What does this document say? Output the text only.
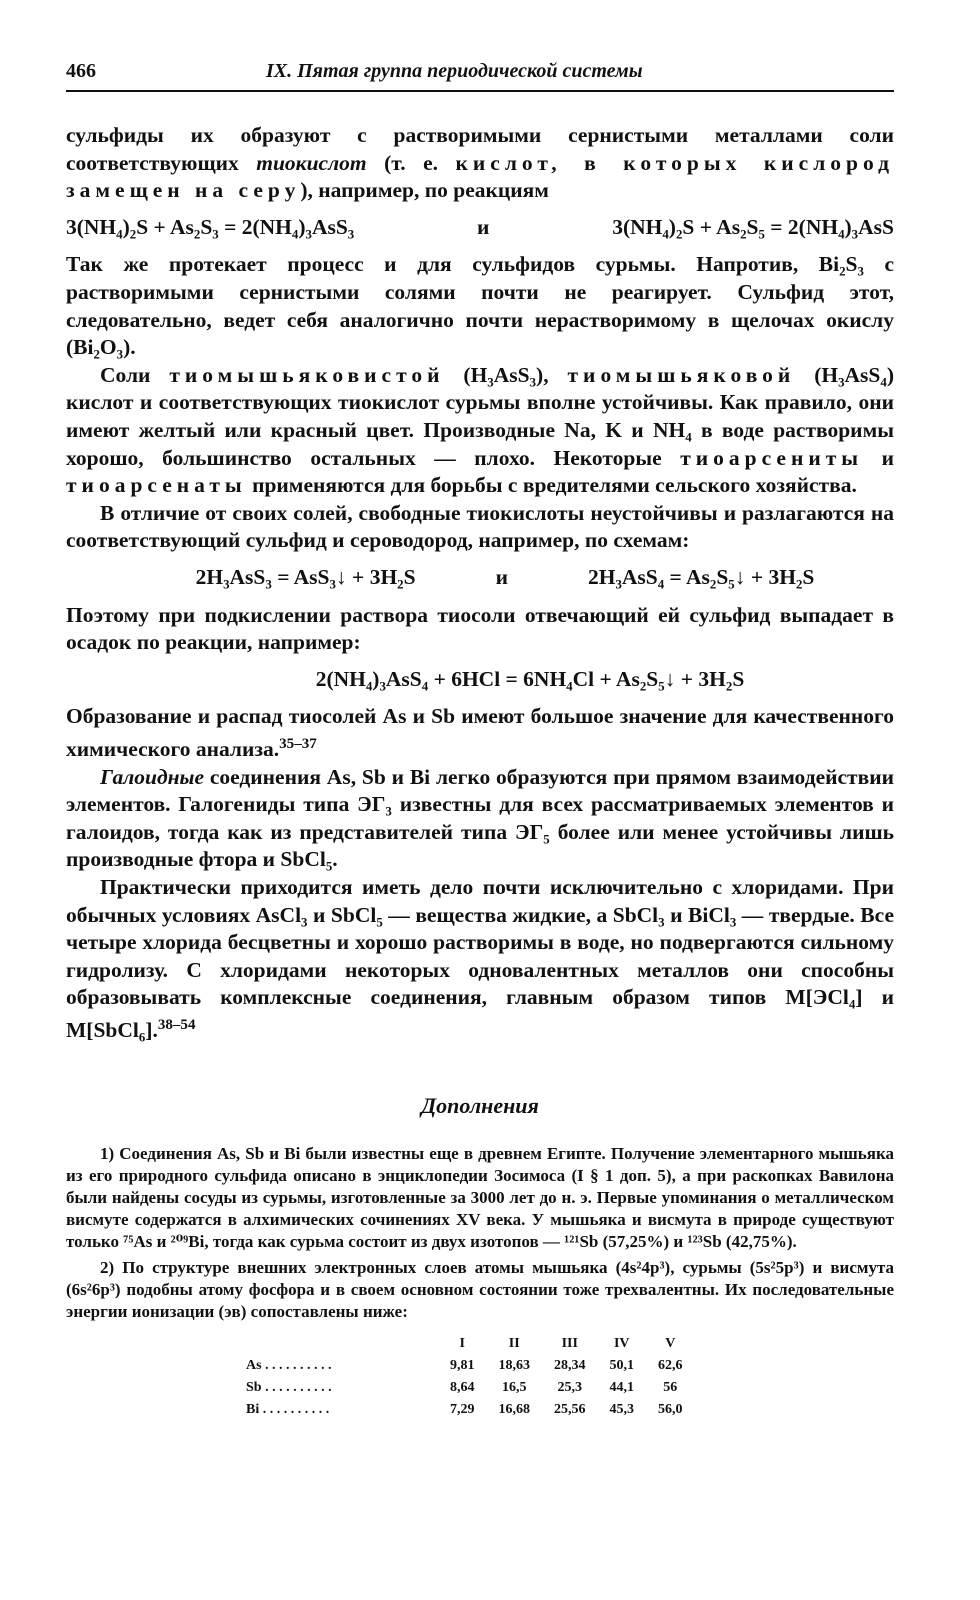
466	IX. Пятая группа периодической системы

сульфиды их образуют с растворимыми сернистыми металлами соли соответствующих тиокислот (т. е. кислот, в которых кислород замещен на серу), например, по реакциям

3(NH₄)₂S + As₂S₃ = 2(NH₄)₃AsS₃	и	3(NH₄)₂S + As₂S₅ = 2(NH₄)₃AsS

Так же протекает процесс и для сульфидов сурьмы. Напротив, Bi₂S₃ с растворимыми сернистыми солями почти не реагирует. Сульфид этот, следовательно, ведет себя аналогично почти нерастворимому в щелочах окислу (Bi₂O₃).

Соли тиомышьяковистой (H₃AsS₃), тиомышьяковой (H₃AsS₄) кислот и соответствующих тиокислот сурьмы вполне устойчивы. Как правило, они имеют желтый или красный цвет. Производные Na, K и NH₄ в воде растворимы хорошо, большинство остальных — плохо. Некоторые тиоарсениты и тиоарсенаты применяются для борьбы с вредителями сельского хозяйства.

В отличие от своих солей, свободные тиокислоты неустойчивы и разлагаются на соответствующий сульфид и сероводород, например, по схемам:

2H₃AsS₃ = AsS₃↓ + 3H₂S	и	2H₃AsS₄ = As₂S₅↓ + 3H₂S

Поэтому при подкислении раствора тиосоли отвечающий ей сульфид выпадает в осадок по реакции, например:

2(NH₄)₃AsS₄ + 6HCl = 6NH₄Cl + As₂S₅↓ + 3H₂S

Образование и распад тиосолей As и Sb имеют большое значение для качественного химического анализа.$^{35-37}$

Галоидные соединения As, Sb и Bi легко образуются при прямом взаимодействии элементов. Галогениды типа ЭГ₃ известны для всех рассматриваемых элементов и галоидов, тогда как из представителей типа ЭГ₅ более или менее устойчивы лишь производные фтора и SbCl₅.

Практически приходится иметь дело почти исключительно с хлоридами. При обычных условиях AsCl₃ и SbCl₅ — вещества жидкие, а SbCl₃ и BiCl₃ — твердые. Все четыре хлорида бесцветны и хорошо растворимы в воде, но подвергаются сильному гидролизу. С хлоридами некоторых одновалентных металлов они способны образовывать комплексные соединения, главным образом типов M[ЭCl₄] и M[SbCl₆].$^{38-54}$

Дополнения

1) Соединения As, Sb и Bi были известны еще в древнем Египте. Получение элементарного мышьяка из его природного сульфида описано в энциклопедии Зосимоса (I § 1 доп. 5), а при раскопках Вавилона были найдены сосуды из сурьмы, изготовленные за 3000 лет до н. э. Первые упоминания о металлическом висмуте содержатся в алхимических сочинениях XV века. У мышьяка и висмута в природе существуют только ⁷⁵As и ²⁰⁹Bi, тогда как сурьма состоит из двух изотопов — ¹²¹Sb (57,25%) и ¹²³Sb (42,75%).

2) По структуре внешних электронных слоев атомы мышьяка (4s²4p³), сурьмы (5s²5p³) и висмута (6s²6p³) подобны атому фосфора и в своем основном состоянии тоже трехвалентны. Их последовательные энергии ионизации (эв) сопоставлены ниже:

	I	II	III	IV	V
As . . . . . . . . . .	9,81	18,63	28,34	50,1	62,6
Sb . . . . . . . . . .	8,64	16,5	25,3	44,1	56
Bi . . . . . . . . . .	7,29	16,68	25,56	45,3	56,0
